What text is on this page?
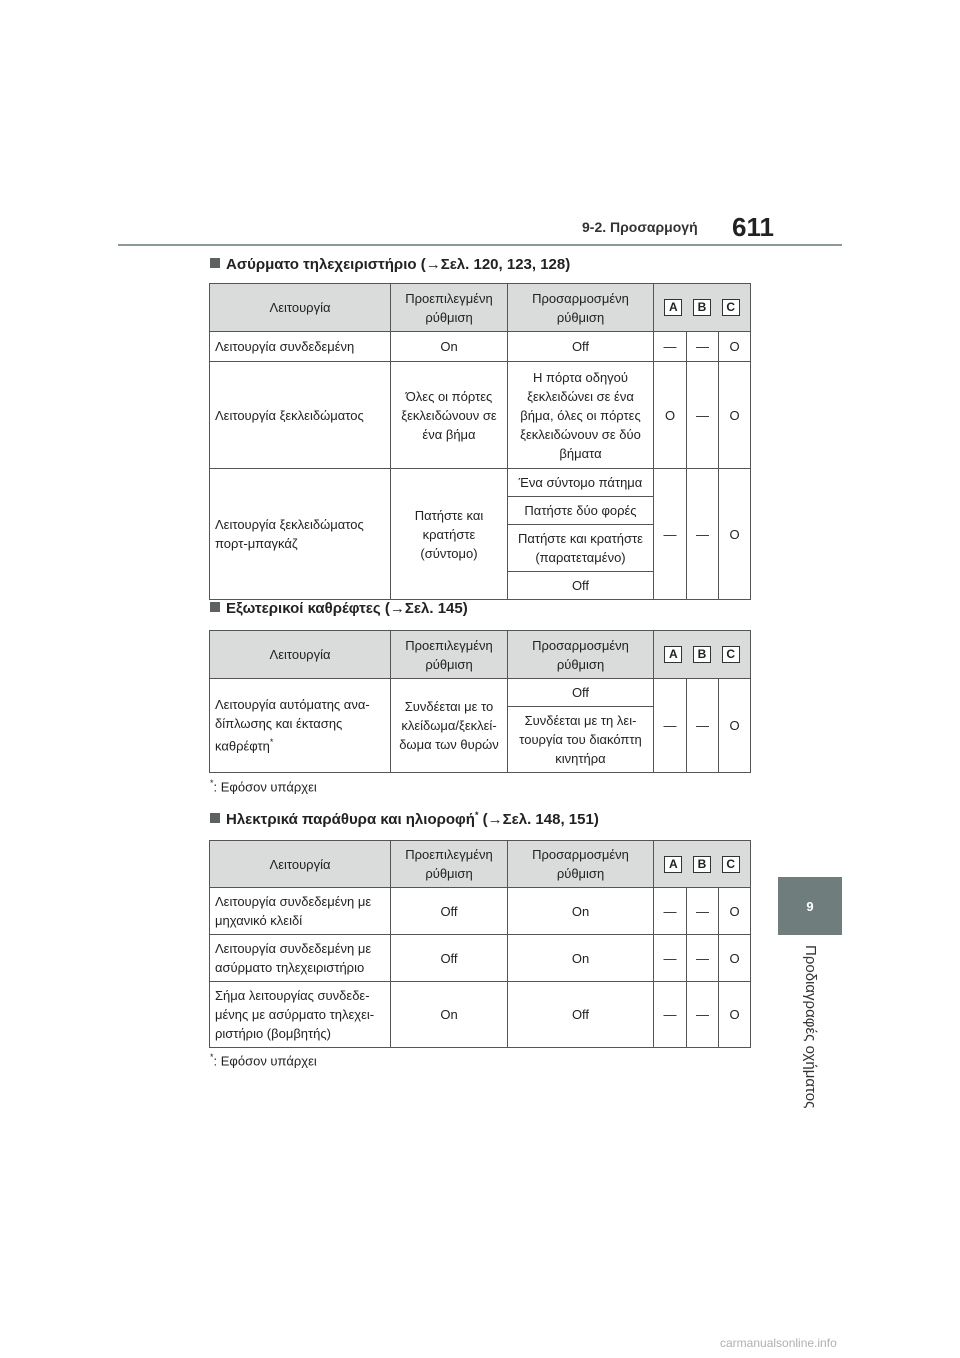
9-2. Προσαρμογή 611
9
Προδιαγραφές οχήματος
Ασύρματο τηλεχειριστήριο (→Σελ. 120, 123, 128)
Λειτουργία	Προεπιλεγμένη ρύθμιση	Προσαρμοσμένη ρύθμιση	A B C		

Λειτουργία συνδεδεμένη	On	Off	—	—	O
Λειτουργία ξεκλειδώματος	Όλες οι πόρτες ξεκλειδώνουν σε ένα βήμα	Η πόρτα οδηγού ξεκλειδώνει σε ένα βήμα, όλες οι πόρτες ξεκλειδώνουν σε δύο βήματα	O	—	O
Λειτουργία ξεκλειδώματος πορτ-μπαγκάζ	Πατήστε και κρατήστε (σύντομο)	Ένα σύντομο πάτημα	—	—	O
		Πατήστε δύο φορές			
		Πατήστε και κρατήστε (παρατεταμένο)			
		Off			
Εξωτερικοί καθρέφτες (→Σελ. 145)
Λειτουργία	Προεπιλεγμένη ρύθμιση	Προσαρμοσμένη ρύθμιση	A B C		

Λειτουργία αυτόματης ανα-δίπλωσης και έκτασης καθρέφτη*	Συνδέεται με το κλείδωμα/ξεκλεί-δωμα των θυρών	Off	—	—	O
		Συνδέεται με τη λει-τουργία του διακόπτη κινητήρα			
*: Εφόσον υπάρχει
Ηλεκτρικά παράθυρα και ηλιοροφή* (→Σελ. 148, 151)
Λειτουργία	Προεπιλεγμένη ρύθμιση	Προσαρμοσμένη ρύθμιση	A B C		

Λειτουργία συνδεδεμένη με μηχανικό κλειδί	Off	On	—	—	O
Λειτουργία συνδεδεμένη με ασύρματο τηλεχειριστήριο	Off	On	—	—	O
Σήμα λειτουργίας συνδεδε-μένης με ασύρματο τηλεχει-ριστήριο (βομβητής)	On	Off	—	—	O
*: Εφόσον υπάρχει
carmanualsonline.info
